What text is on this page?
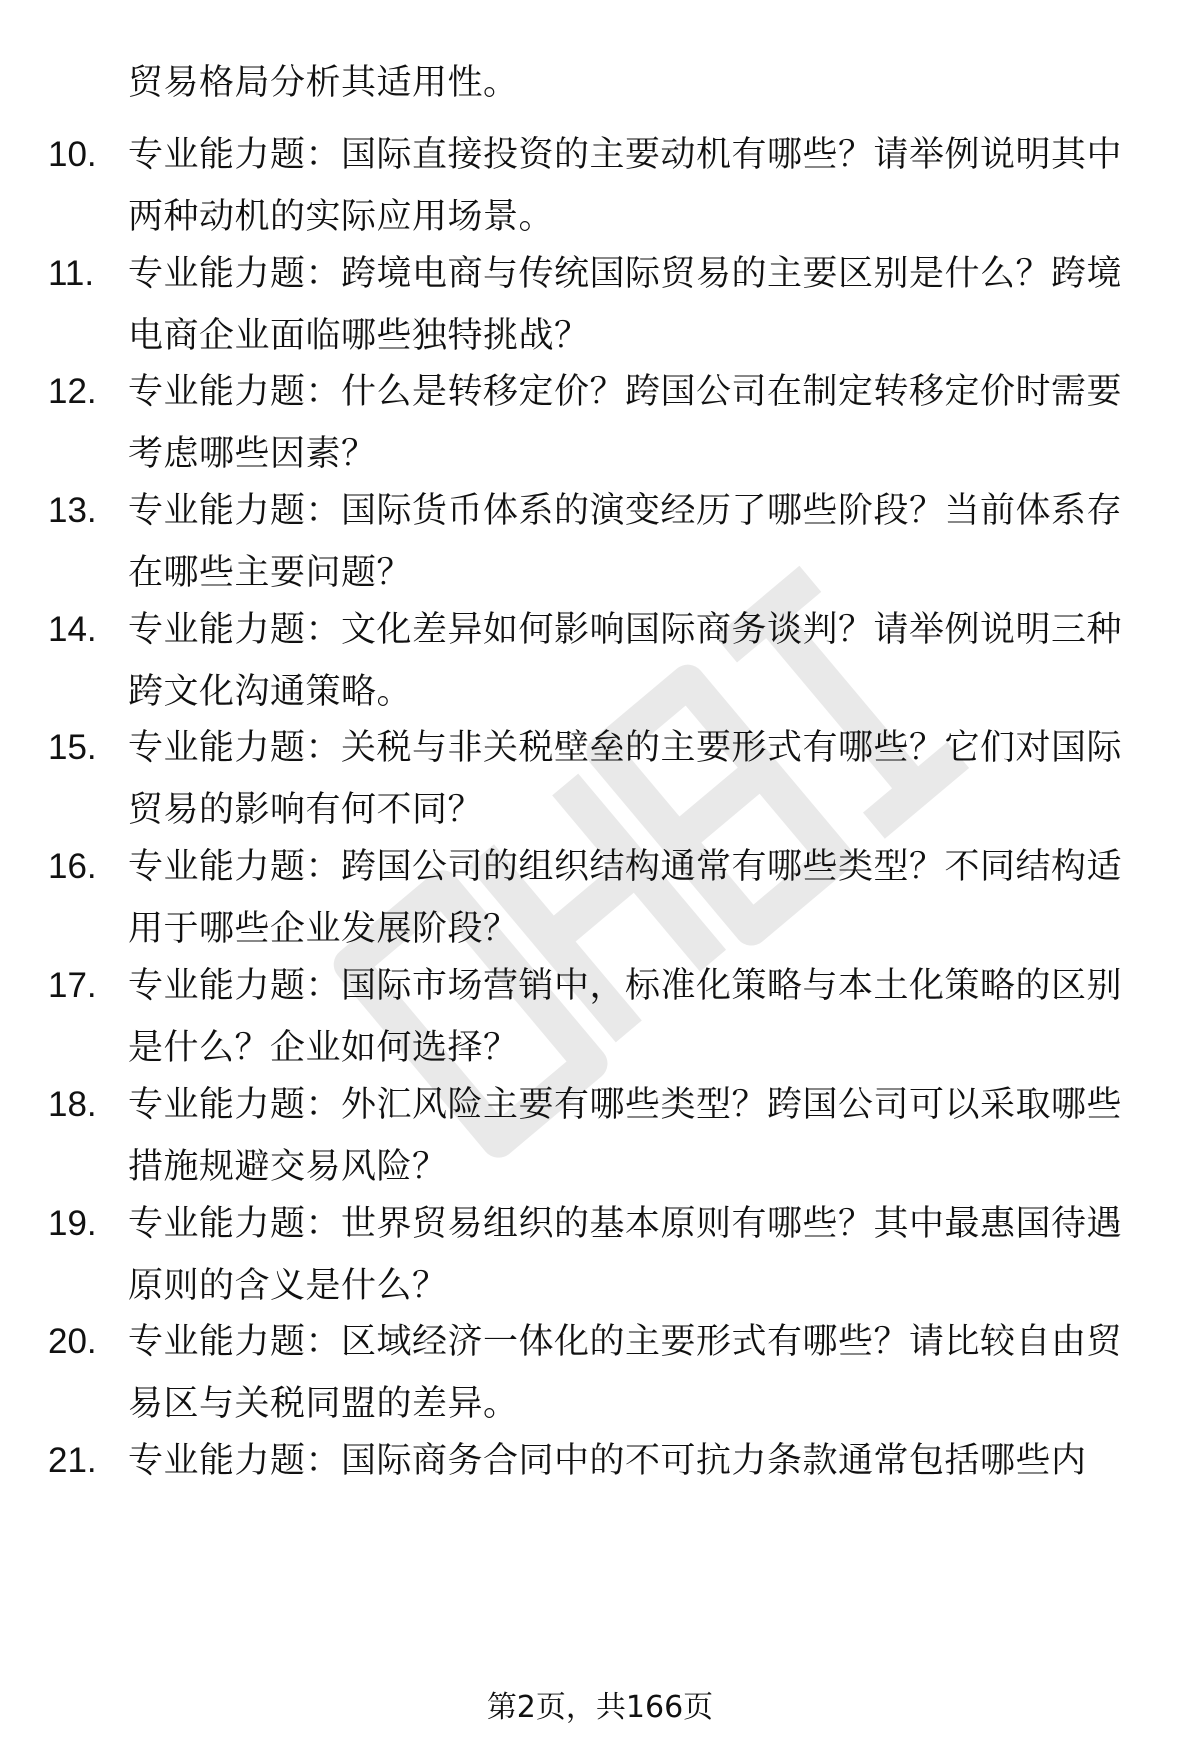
贸易格局分析其适用性。

10. 专业能力题：国际直接投资的主要动机有哪些？请举例说明其中两种动机的实际应用场景。
11. 专业能力题：跨境电商与传统国际贸易的主要区别是什么？跨境电商企业面临哪些独特挑战？
12. 专业能力题：什么是转移定价？跨国公司在制定转移定价时需要考虑哪些因素？
13. 专业能力题：国际货币体系的演变经历了哪些阶段？当前体系存在哪些主要问题？
14. 专业能力题：文化差异如何影响国际商务谈判？请举例说明三种跨文化沟通策略。
15. 专业能力题：关税与非关税壁垒的主要形式有哪些？它们对国际贸易的影响有何不同？
16. 专业能力题：跨国公司的组织结构通常有哪些类型？不同结构适用于哪些企业发展阶段？
17. 专业能力题：国际市场营销中，标准化策略与本土化策略的区别是什么？企业如何选择？
18. 专业能力题：外汇风险主要有哪些类型？跨国公司可以采取哪些措施规避交易风险？
19. 专业能力题：世界贸易组织的基本原则有哪些？其中最惠国待遇原则的含义是什么？
20. 专业能力题：区域经济一体化的主要形式有哪些？请比较自由贸易区与关税同盟的差异。
21. 专业能力题：国际商务合同中的不可抗力条款通常包括哪些内
第2页，共166页
